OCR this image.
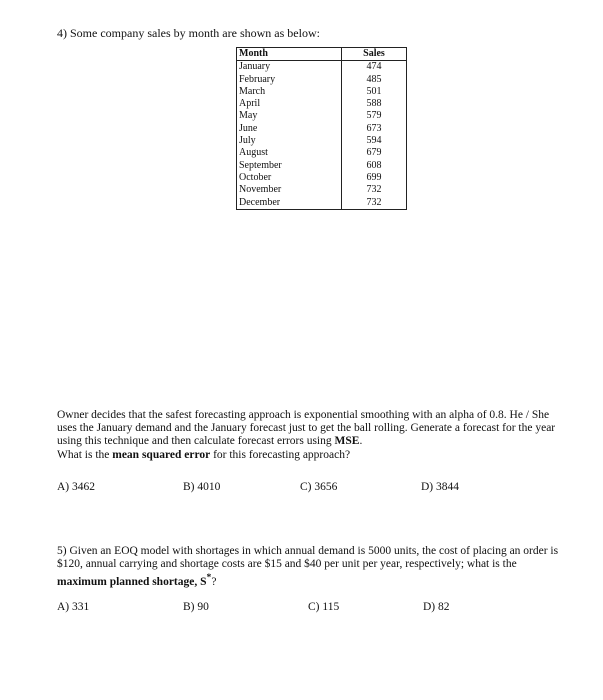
4) Some company sales by month are shown as below:
Month	Sales
January	474
February	485
March	501
April	588
May	579
June	673
July	594
August	679
September	608
October	699
November	732
December	732

Owner decides that the safest forecasting approach is exponential smoothing with an alpha of 0.8. He / She uses the January demand and the January forecast just to get the ball rolling. Generate a forecast for the year using this technique and then calculate forecast errors using MSE.

What is the mean squared error for this forecasting approach?

A) 3462	B) 4010	C) 3656	D) 3844

5) Given an EOQ model with shortages in which annual demand is 5000 units, the cost of placing an order is $120, annual carrying and shortage costs are $15 and $40 per unit per year, respectively; what is the maximum planned shortage, S*?

A) 331	B) 90	C) 115	D) 82
